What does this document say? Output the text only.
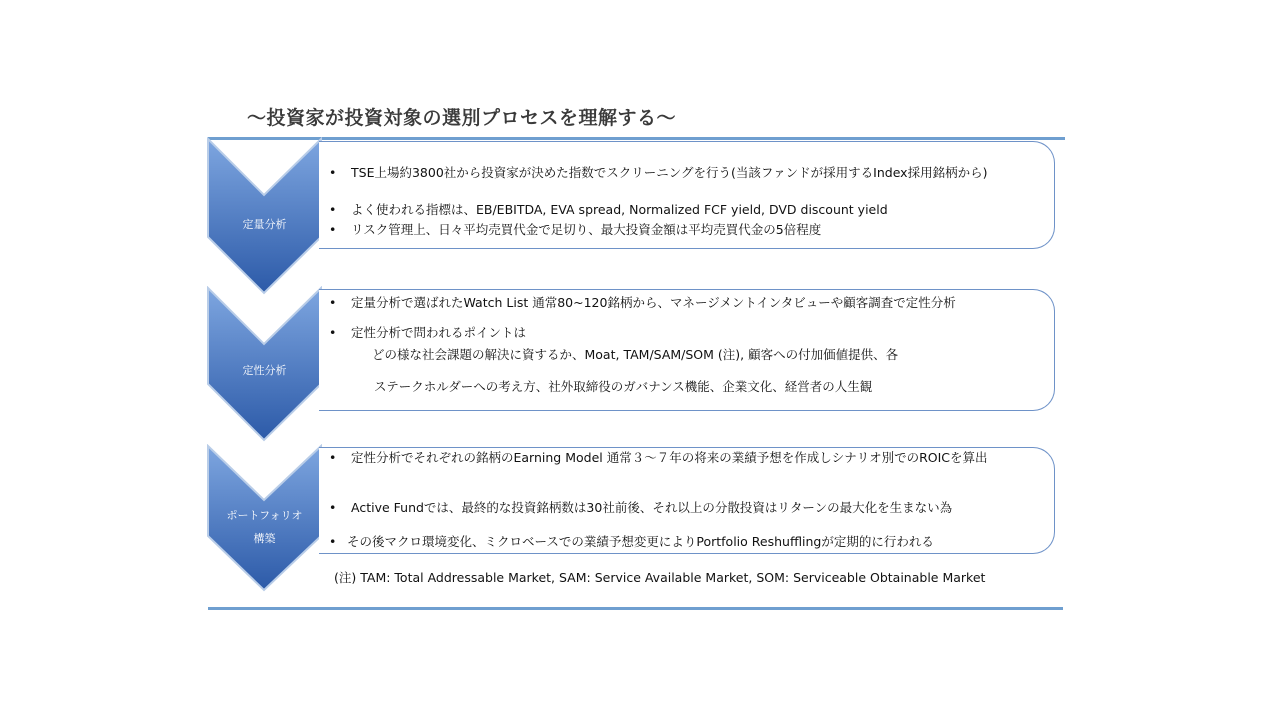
〜投資家が投資対象の選別プロセスを理解する〜
定量分析
• TSE上場約3800社から投資家が決めた指数でスクリーニングを行う(当該ファンドが採用するIndex採用銘柄から)
• よく使われる指標は、EB/EBITDA, EVA spread, Normalized FCF yield, DVD discount yield
• リスク管理上、日々平均売買代金で足切り、最大投資金額は平均売買代金の5倍程度
定性分析
• 定量分析で選ばれたWatch List 通常80~120銘柄から、マネージメントインタビューや顧客調査で定性分析
• 定性分析で問われるポイントは
どの様な社会課題の解決に資するか、Moat, TAM/SAM/SOM (注), 顧客への付加価値提供、各
ステークホルダーへの考え方、社外取締役のガバナンス機能、企業文化、経営者の人生観
ポートフォリオ
構築
• 定性分析でそれぞれの銘柄のEarning Model 通常３〜７年の将来の業績予想を作成しシナリオ別でのROICを算出
• Active Fundでは、最終的な投資銘柄数は30社前後、それ以上の分散投資はリターンの最大化を生まない為
• その後マクロ環境変化、ミクロベースでの業績予想変更によりPortfolio Reshufflingが定期的に行われる
(注) TAM: Total Addressable Market, SAM: Service Available Market, SOM: Serviceable Obtainable Market
